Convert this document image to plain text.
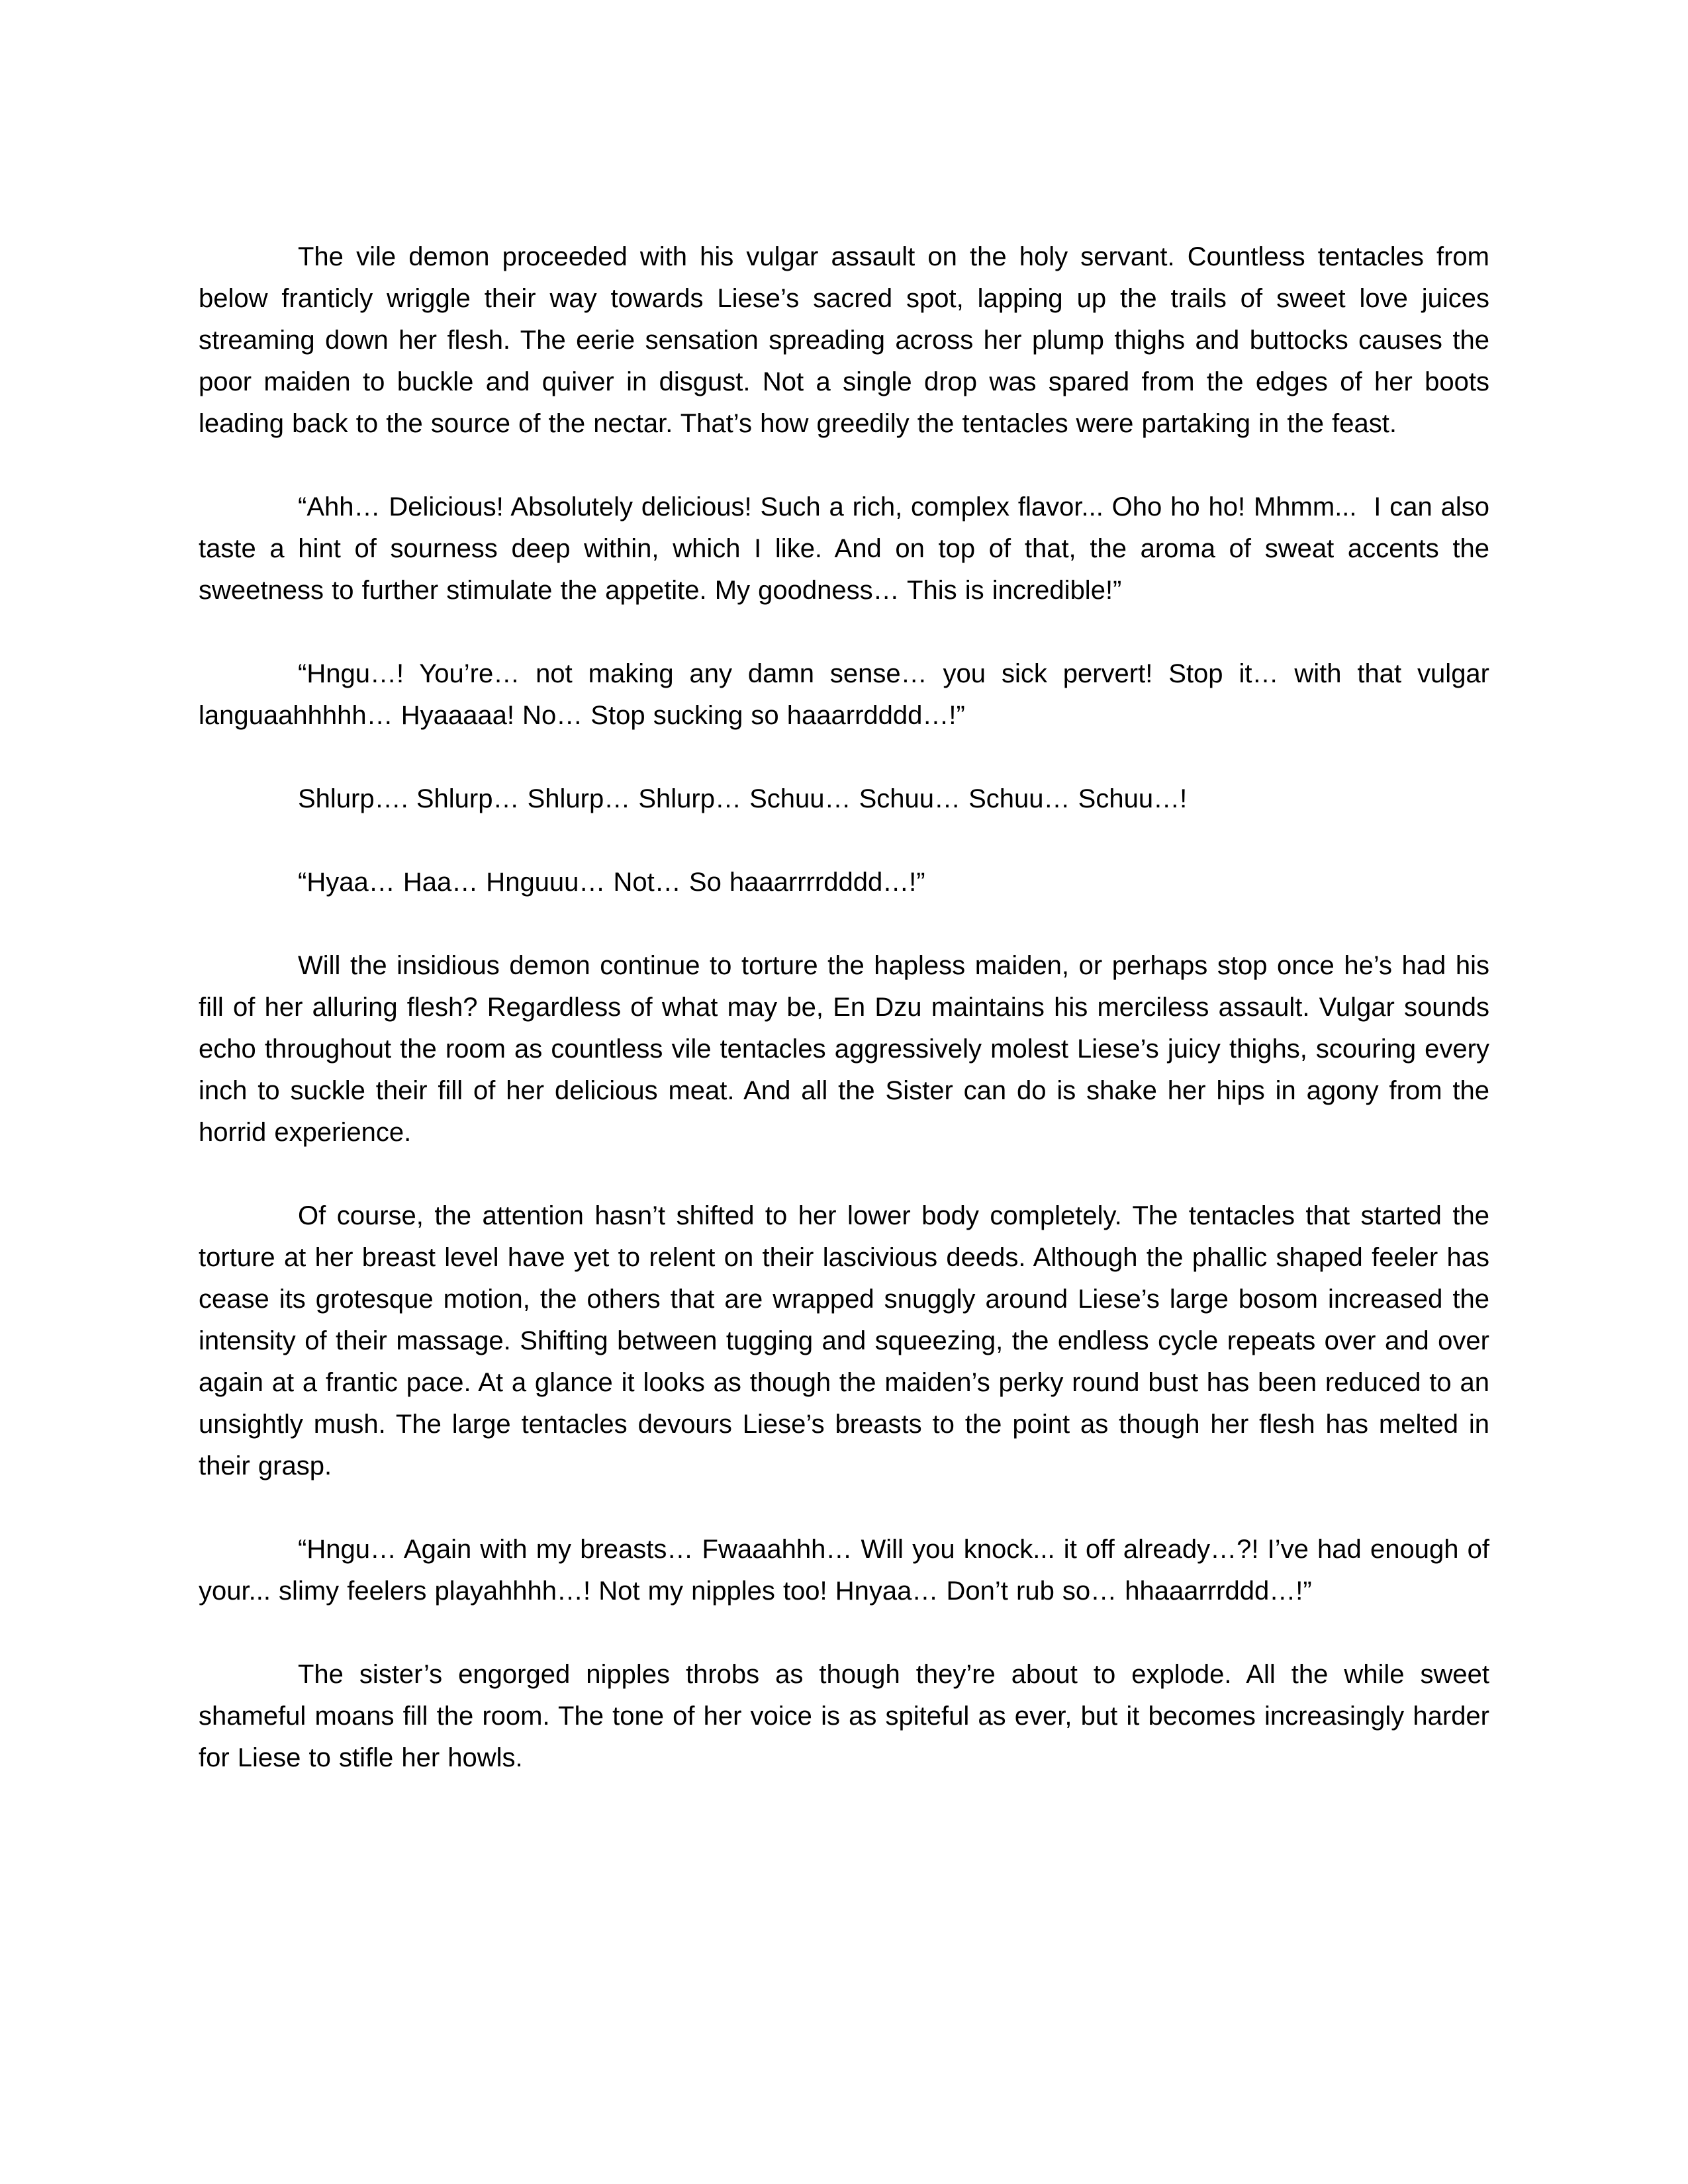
The vile demon proceeded with his vulgar assault on the holy servant. Countless tentacles from below franticly wriggle their way towards Liese’s sacred spot, lapping up the trails of sweet love juices streaming down her flesh. The eerie sensation spreading across her plump thighs and buttocks causes the poor maiden to buckle and quiver in disgust. Not a single drop was spared from the edges of her boots leading back to the source of the nectar. That’s how greedily the tentacles were partaking in the feast.

“Ahh… Delicious! Absolutely delicious! Such a rich, complex flavor... Oho ho ho! Mhmm...  I can also taste a hint of sourness deep within, which I like. And on top of that, the aroma of sweat accents the sweetness to further stimulate the appetite. My goodness… This is incredible!”

“Hngu…! You’re… not making any damn sense… you sick pervert! Stop it… with that vulgar languaahhhhh… Hyaaaaa! No… Stop sucking so haaarrdddd…!”

Shlurp…. Shlurp… Shlurp… Shlurp… Schuu… Schuu… Schuu… Schuu…!

“Hyaa… Haa… Hnguuu… Not… So haaarrrrdddd…!”

Will the insidious demon continue to torture the hapless maiden, or perhaps stop once he’s had his fill of her alluring flesh? Regardless of what may be, En Dzu maintains his merciless assault. Vulgar sounds echo throughout the room as countless vile tentacles aggressively molest Liese’s juicy thighs, scouring every inch to suckle their fill of her delicious meat. And all the Sister can do is shake her hips in agony from the horrid experience.

Of course, the attention hasn’t shifted to her lower body completely. The tentacles that started the torture at her breast level have yet to relent on their lascivious deeds. Although the phallic shaped feeler has cease its grotesque motion, the others that are wrapped snuggly around Liese’s large bosom increased the intensity of their massage. Shifting between tugging and squeezing, the endless cycle repeats over and over again at a frantic pace. At a glance it looks as though the maiden’s perky round bust has been reduced to an unsightly mush. The large tentacles devours Liese’s breasts to the point as though her flesh has melted in their grasp.

“Hngu… Again with my breasts… Fwaaahhh… Will you knock... it off already…?! I’ve had enough of your... slimy feelers playahhhh…! Not my nipples too! Hnyaa… Don’t rub so… hhaaarrrddd…!”

The sister’s engorged nipples throbs as though they’re about to explode. All the while sweet shameful moans fill the room. The tone of her voice is as spiteful as ever, but it becomes increasingly harder for Liese to stifle her howls.
